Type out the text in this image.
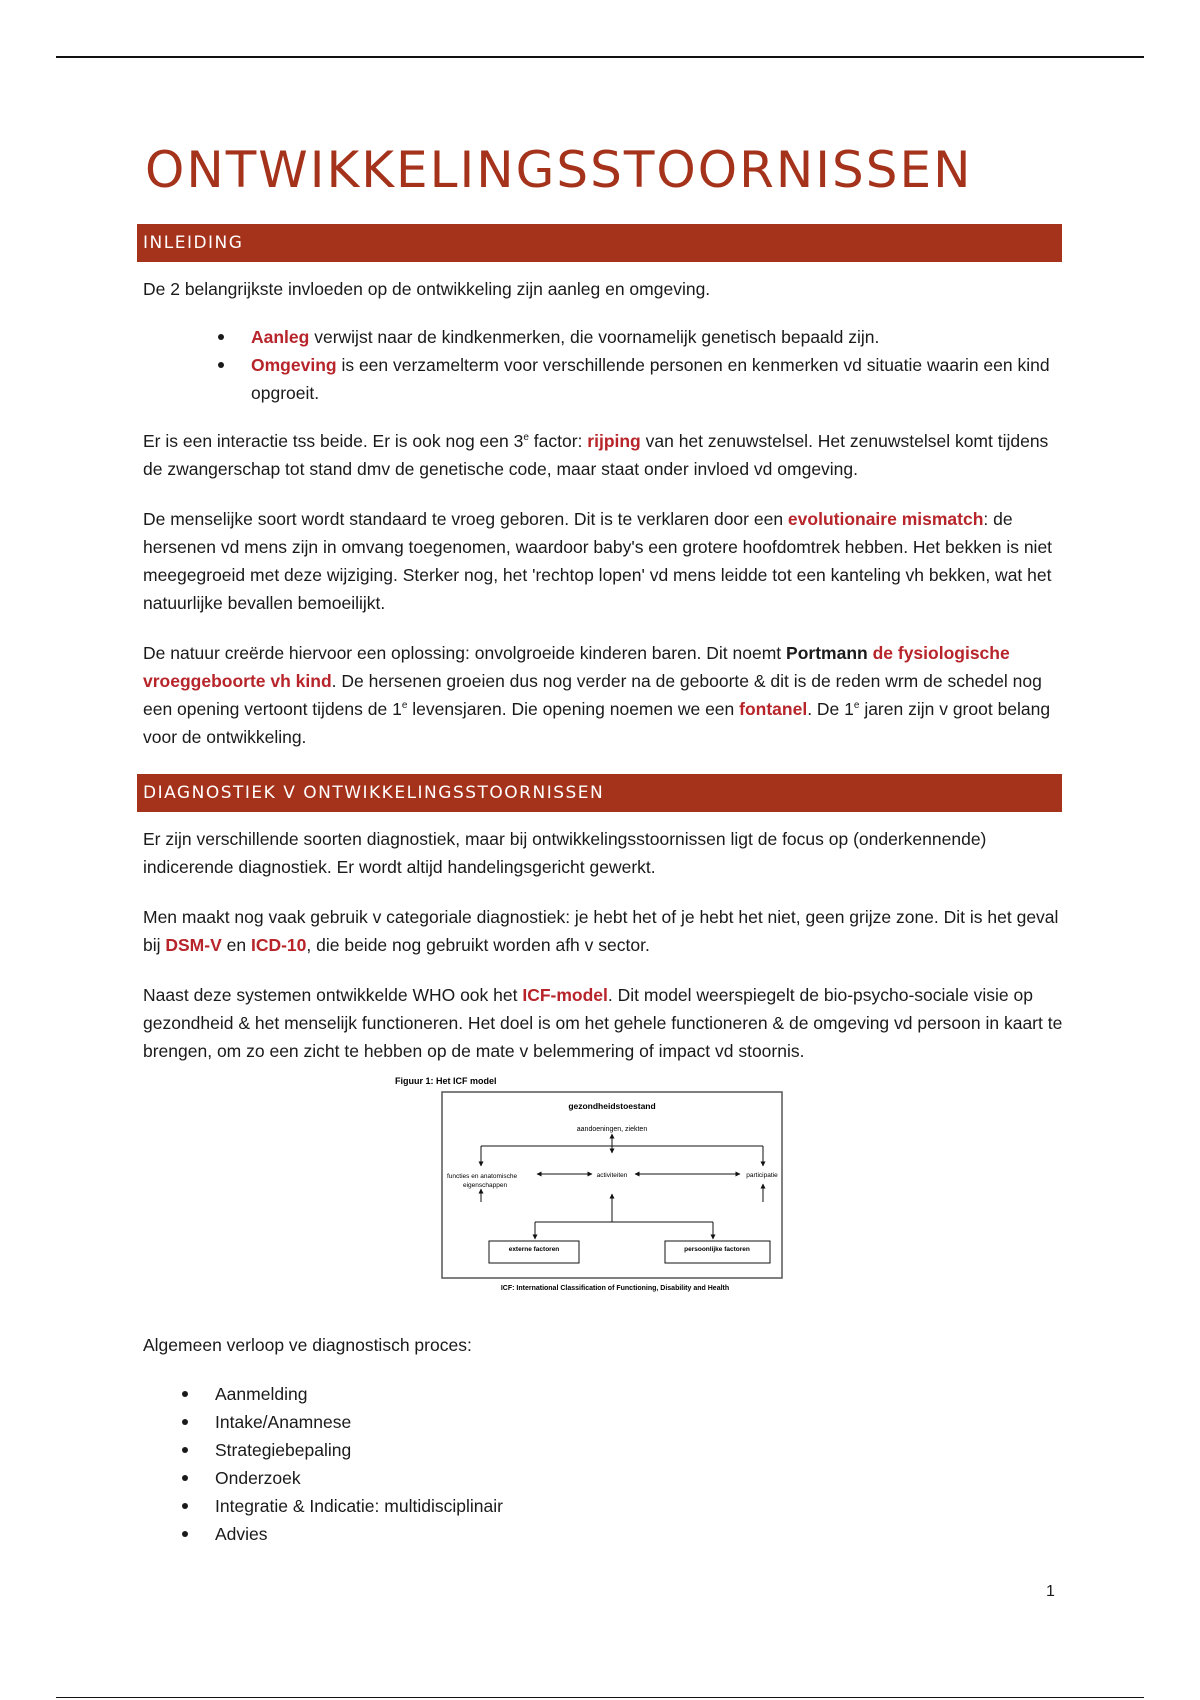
ONTWIKKELINGSSTOORNISSEN
INLEIDING

De 2 belangrijkste invloeden op de ontwikkeling zijn aanleg en omgeving.

Aanleg verwijst naar de kindkenmerken, die voornamelijk genetisch bepaald zijn.
Omgeving is een verzamelterm voor verschillende personen en kenmerken vd situatie waarin een kind opgroeit.

Er is een interactie tss beide. Er is ook nog een 3e factor: rijping van het zenuwstelsel. Het zenuwstelsel komt tijdens de zwangerschap tot stand dmv de genetische code, maar staat onder invloed vd omgeving.

De menselijke soort wordt standaard te vroeg geboren. Dit is te verklaren door een evolutionaire mismatch: de hersenen vd mens zijn in omvang toegenomen, waardoor baby's een grotere hoofdomtrek hebben. Het bekken is niet meegegroeid met deze wijziging. Sterker nog, het 'rechtop lopen' vd mens leidde tot een kanteling vh bekken, wat het natuurlijke bevallen bemoeilijkt.

De natuur creërde hiervoor een oplossing: onvolgroeide kinderen baren. Dit noemt Portmann de fysiologische vroeggeboorte vh kind. De hersenen groeien dus nog verder na de geboorte & dit is de reden wrm de schedel nog een opening vertoont tijdens de 1e levensjaren. Die opening noemen we een fontanel. De 1e jaren zijn v groot belang voor de ontwikkeling.

DIAGNOSTIEK V ONTWIKKELINGSSTOORNISSEN

Er zijn verschillende soorten diagnostiek, maar bij ontwikkelingsstoornissen ligt de focus op (onderkennende) indicerende diagnostiek. Er wordt altijd handelingsgericht gewerkt.

Men maakt nog vaak gebruik v categoriale diagnostiek: je hebt het of je hebt het niet, geen grijze zone. Dit is het geval bij DSM-V en ICD-10, die beide nog gebruikt worden afh v sector.

Naast deze systemen ontwikkelde WHO ook het ICF-model. Dit model weerspiegelt de bio-psycho-sociale visie op gezondheid & het menselijk functioneren. Het doel is om het gehele functioneren & de omgeving vd persoon in kaart te brengen, om zo een zicht te hebben op de mate v belemmering of impact vd stoornis.

Algemeen verloop ve diagnostisch proces:

Aanmelding
Intake/Anamnese
Strategiebepaling
Onderzoek
Integratie & Indicatie: multidisciplinair
Advies
Figuur 1: Het ICF model
gezondheidstoestand
aandoeningen, ziekten
functies en anatomische
eigenschappen
activiteiten	participatie
externe factoren	persoonlijke factoren
ICF: International Classification of Functioning, Disability and Health
1
